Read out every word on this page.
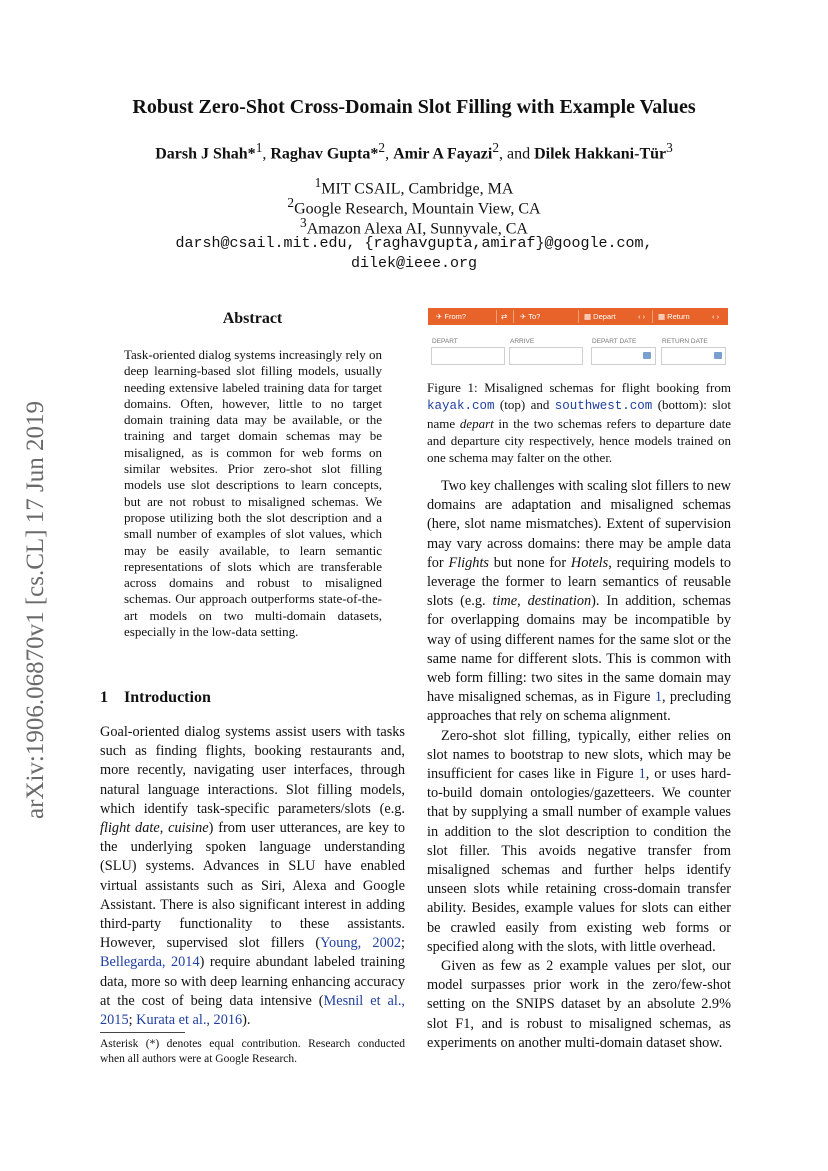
arXiv:1906.06870v1 [cs.CL] 17 Jun 2019
Robust Zero-Shot Cross-Domain Slot Filling with Example Values
Darsh J Shah*$^1$, Raghav Gupta*$^2$, Amir A Fayazi$^2$, and Dilek Hakkani-Tür$^3$
$^1$MIT CSAIL, Cambridge, MA
$^2$Google Research, Mountain View, CA
$^3$Amazon Alexa AI, Sunnyvale, CA
darsh@csail.mit.edu, {raghavgupta,amiraf}@google.com,
dilek@ieee.org
Abstract
Task-oriented dialog systems increasingly rely on deep learning-based slot filling models, usually needing extensive labeled training data for target domains. Often, however, little to no target domain training data may be available, or the training and target domain schemas may be misaligned, as is common for web forms on similar websites. Prior zero-shot slot filling models use slot descriptions to learn concepts, but are not robust to misaligned schemas. We propose utilizing both the slot description and a small number of examples of slot values, which may be easily available, to learn semantic representations of slots which are transferable across domains and robust to misaligned schemas. Our approach outperforms state-of-the-art models on two multi-domain datasets, especially in the low-data setting.
1 Introduction
Goal-oriented dialog systems assist users with tasks such as finding flights, booking restaurants and, more recently, navigating user interfaces, through natural language interactions. Slot filling models, which identify task-specific parameters/slots (e.g. flight date, cuisine) from user utterances, are key to the underlying spoken language understanding (SLU) systems. Advances in SLU have enabled virtual assistants such as Siri, Alexa and Google Assistant. There is also significant interest in adding third-party functionality to these assistants. However, supervised slot fillers (Young, 2002; Bellegarda, 2014) require abundant labeled training data, more so with deep learning enhancing accuracy at the cost of being data intensive (Mesnil et al., 2015; Kurata et al., 2016).
Asterisk (*) denotes equal contribution. Research conducted when all authors were at Google Research.
✈ From?	⇄ ✈ To?	▦ Depart	‹ › ▦ Return	‹ ›
DEPART	ARRIVE	DEPART DATE	RETURN DATE
Figure 1: Misaligned schemas for flight booking from kayak.com (top) and southwest.com (bottom): slot name depart in the two schemas refers to departure date and departure city respectively, hence models trained on one schema may falter on the other.
Two key challenges with scaling slot fillers to new domains are adaptation and misaligned schemas (here, slot name mismatches). Extent of supervision may vary across domains: there may be ample data for Flights but none for Hotels, requiring models to leverage the former to learn semantics of reusable slots (e.g. time, destination). In addition, schemas for overlapping domains may be incompatible by way of using different names for the same slot or the same name for different slots. This is common with web form filling: two sites in the same domain may have misaligned schemas, as in Figure 1, precluding approaches that rely on schema alignment.
Zero-shot slot filling, typically, either relies on slot names to bootstrap to new slots, which may be insufficient for cases like in Figure 1, or uses hard-to-build domain ontologies/gazetteers. We counter that by supplying a small number of example values in addition to the slot description to condition the slot filler. This avoids negative transfer from misaligned schemas and further helps identify unseen slots while retaining cross-domain transfer ability. Besides, example values for slots can either be crawled easily from existing web forms or specified along with the slots, with little overhead.
Given as few as 2 example values per slot, our model surpasses prior work in the zero/few-shot setting on the SNIPS dataset by an absolute 2.9% slot F1, and is robust to misaligned schemas, as experiments on another multi-domain dataset show.
